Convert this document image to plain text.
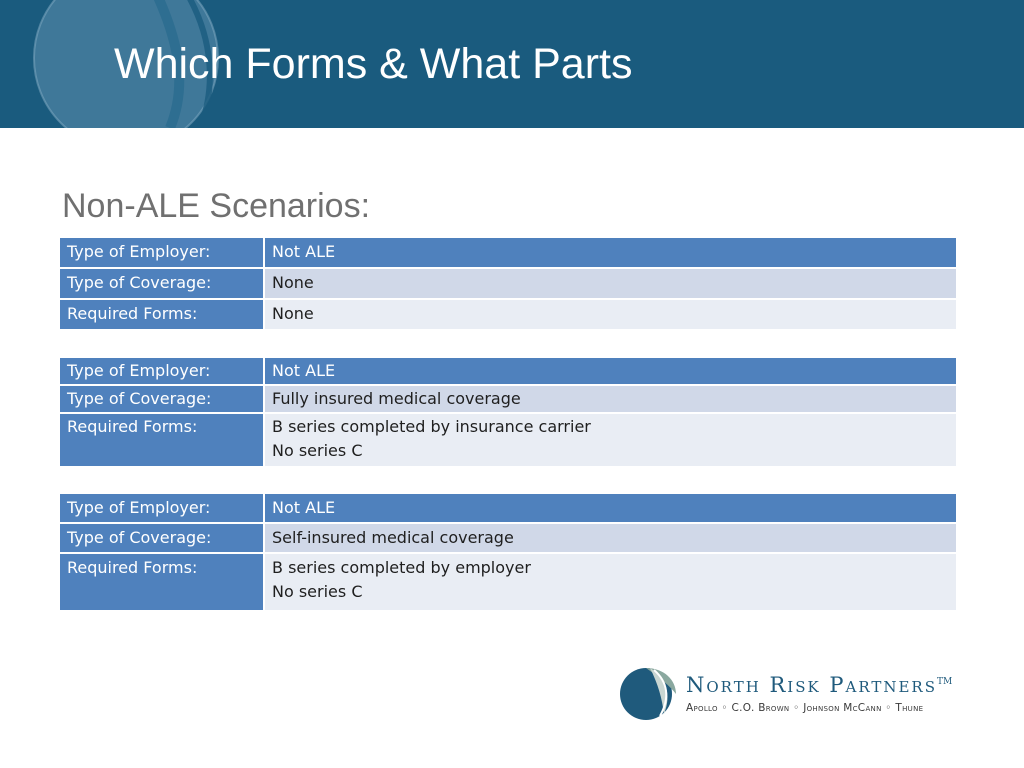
Which Forms & What Parts
Non-ALE Scenarios:
Type of Employer:	Not ALE
Type of Coverage:	None
Required Forms:	None
Type of Employer:	Not ALE
Type of Coverage:	Fully insured medical coverage
Required Forms:	B series completed by insurance carrier
No series C
Type of Employer:	Not ALE
Type of Coverage:	Self-insured medical coverage
Required Forms:	B series completed by employer
No series C
North Risk Partners™
Apollo ◦ C.O. Brown ◦ Johnson McCann ◦ Thune
